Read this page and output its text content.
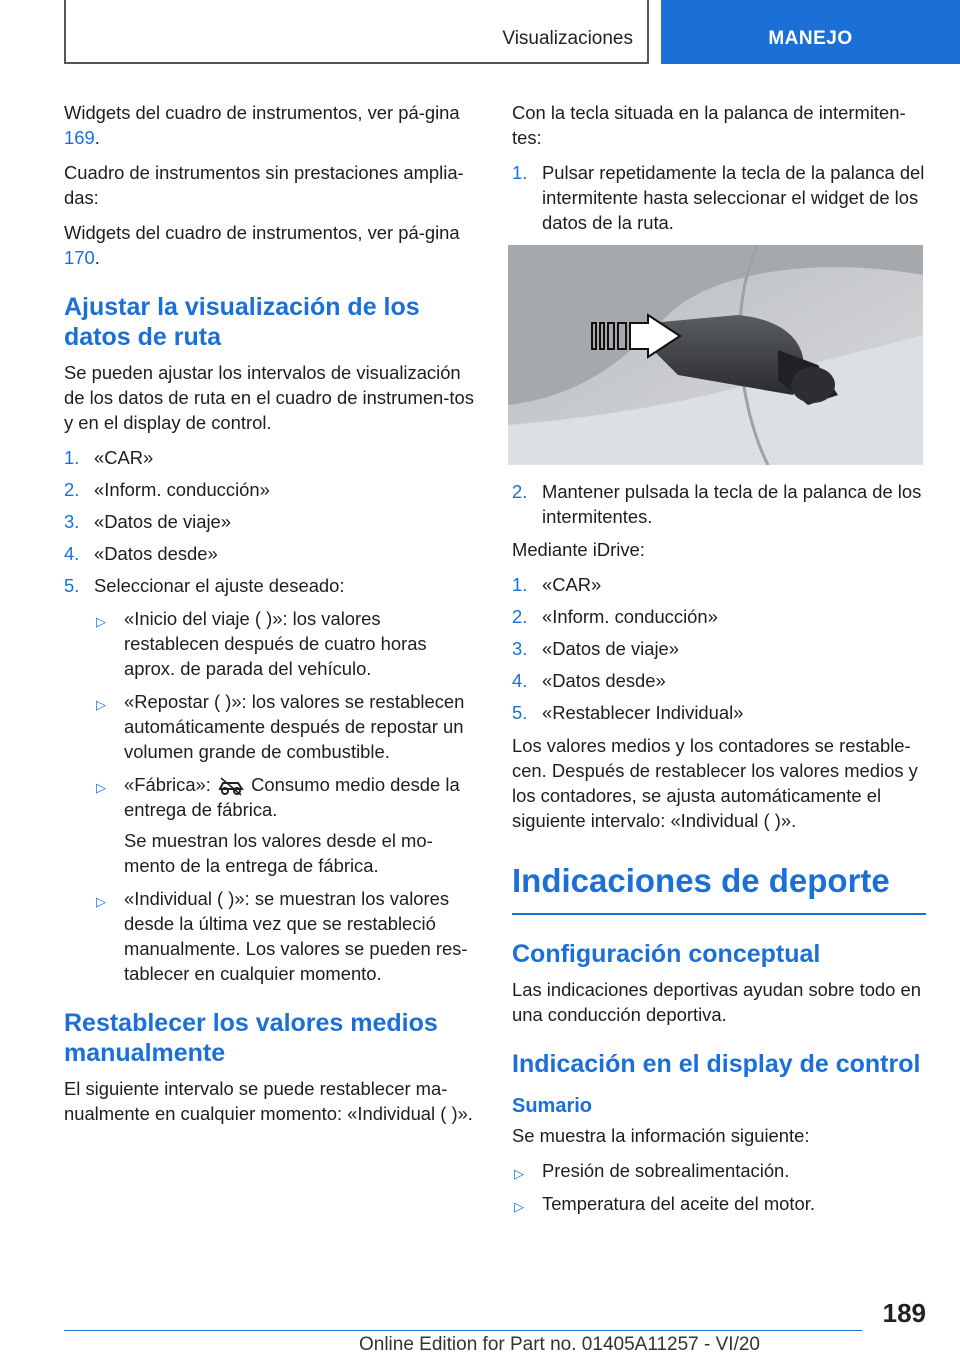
Visualizaciones	MANEJO

Widgets del cuadro de instrumentos, ver pá-gina 169.

Cuadro de instrumentos sin prestaciones amplia-das:

Widgets del cuadro de instrumentos, ver pá-gina 170.

Ajustar la visualización de los datos de ruta

Se pueden ajustar los intervalos de visualización de los datos de ruta en el cuadro de instrumen-tos y en el display de control.

1. «CAR»
2. «Inform. conducción»
3. «Datos de viaje»
4. «Datos desde»
5. Seleccionar el ajuste deseado:
▷ «Inicio del viaje ( )»: los valores restablecen después de cuatro horas aprox. de parada del vehículo.
▷ «Repostar ( )»: los valores se restablecen automáticamente después de repostar un volumen grande de combustible.
▷ «Fábrica»: Consumo medio desde la entrega de fábrica.
Se muestran los valores desde el mo-mento de la entrega de fábrica.
▷ «Individual ( )»: se muestran los valores desde la última vez que se restableció manualmente. Los valores se pueden res-tablecer en cualquier momento.
Restablecer los valores medios manualmente

El siguiente intervalo se puede restablecer ma-nualmente en cualquier momento: «Individual ( )».

Con la tecla situada en la palanca de intermiten-tes:

1. Pulsar repetidamente la tecla de la palanca del intermitente hasta seleccionar el widget de los datos de la ruta.
2. Mantener pulsada la tecla de la palanca de los intermitentes.

Mediante iDrive:

1. «CAR»
2. «Inform. conducción»
3. «Datos de viaje»
4. «Datos desde»
5. «Restablecer Individual»

Los valores medios y los contadores se restable-cen. Después de restablecer los valores medios y los contadores, se ajusta automáticamente el siguiente intervalo: «Individual ( )».

Indicaciones de deporte
Configuración conceptual

Las indicaciones deportivas ayudan sobre todo en una conducción deportiva.

Indicación en el display de control
Sumario

Se muestra la información siguiente:

▷ Presión de sobrealimentación.
▷ Temperatura del aceite del motor.
189
Online Edition for Part no. 01405A11257 - VI/20
